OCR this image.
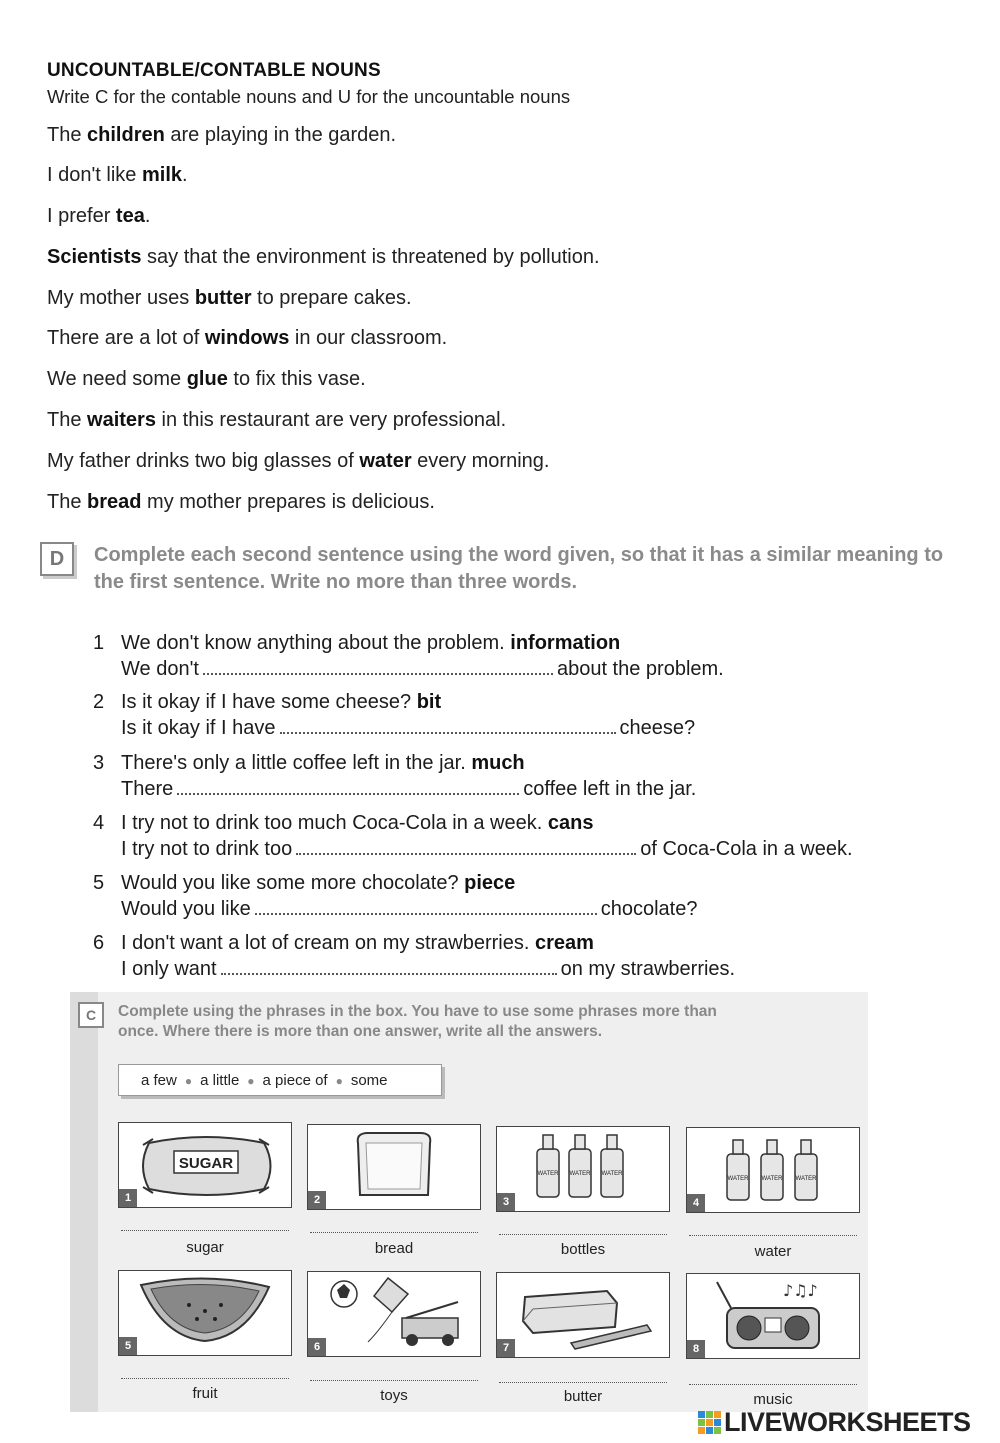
UNCOUNTABLE/CONTABLE NOUNS
Write C for the contable nouns and U for the uncountable nouns
The children are playing in the garden.
I don't like milk.
I prefer tea.
Scientists say that the environment is threatened by pollution.
My mother uses butter to prepare cakes.
There are a lot of windows in our classroom.
We need some glue to fix this vase.
The waiters in this restaurant are very professional.
My father drinks two big glasses of water every morning.
The bread my mother prepares is delicious.
D	Complete each second sentence using the word given, so that it has a similar meaning to the first sentence. Write no more than three words.
1 We don't know anything about the problem. information
We don't	about the problem.
2 Is it okay if I have some cheese? bit
Is it okay if I have	cheese?
3 There's only a little coffee left in the jar. much
There	coffee left in the jar.
4 I try not to drink too much Coca-Cola in a week. cans
I try not to drink too	of Coca-Cola in a week.
5 Would you like some more chocolate? piece
Would you like	chocolate?
6 I don't want a lot of cream on my strawberries. cream
I only want	on my strawberries.
C	Complete using the phrases in the box. You have to use some phrases more than once. Where there is more than one answer, write all the answers.
a few ● a little ● a piece of ● some
SUGAR
1	2
WATER WATER WATER
3
WATER WATER WATER
4
sugar	bread	bottles	water
5	6	7
♪♫♪
8
fruit	toys	butter	music
LIVEWORKSHEETS
